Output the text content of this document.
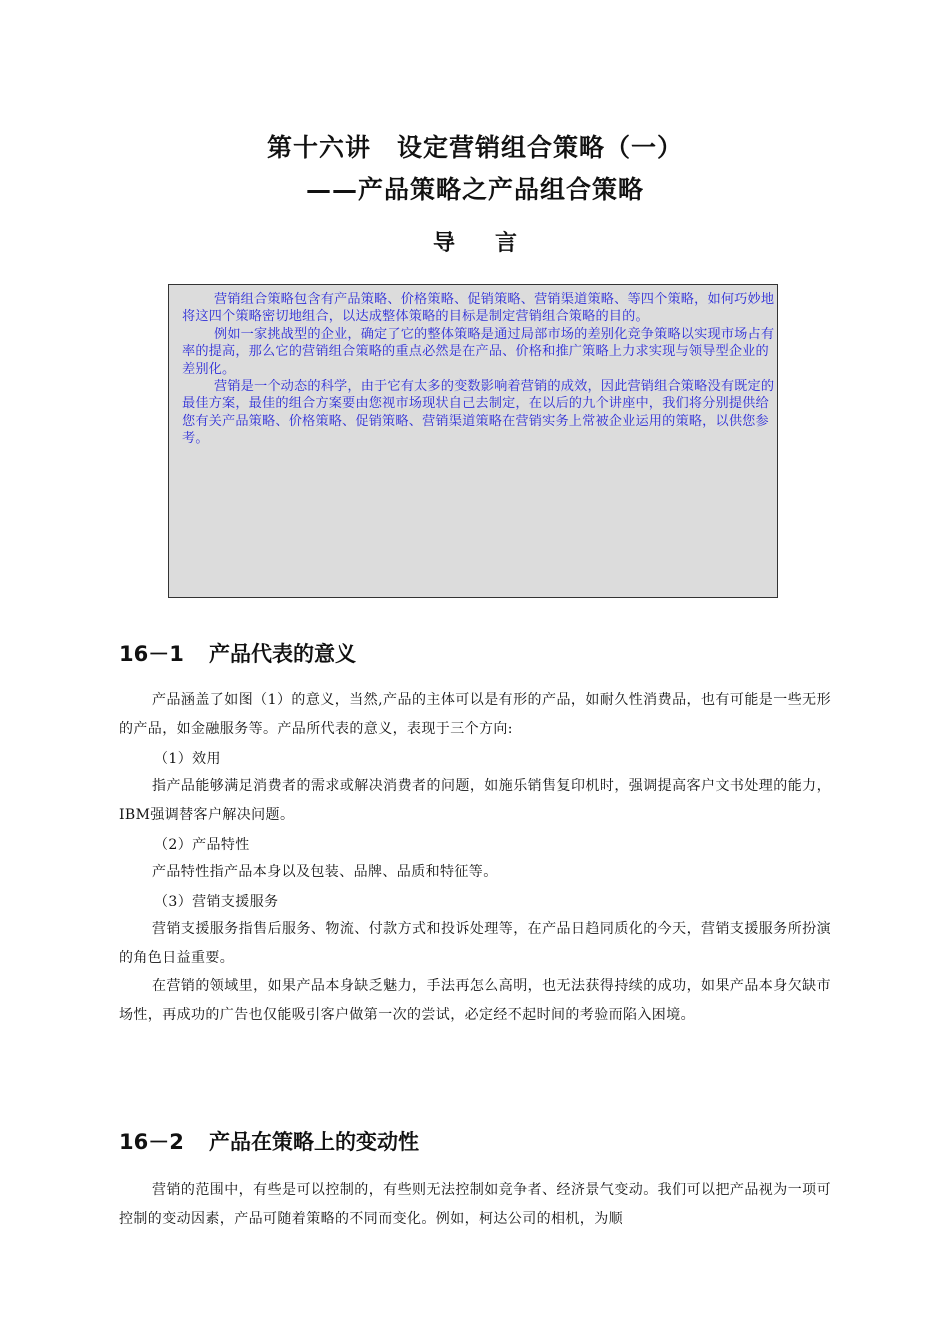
第十六讲　设定营销组合策略（一）
——产品策略之产品组合策略
导言

营销组合策略包含有产品策略、价格策略、促销策略、营销渠道策略、等四个策略，如何巧妙地将这四个策略密切地组合，以达成整体策略的目标是制定营销组合策略的目的。

例如一家挑战型的企业，确定了它的整体策略是通过局部市场的差别化竞争策略以实现市场占有率的提高，那么它的营销组合策略的重点必然是在产品、价格和推广策略上力求实现与领导型企业的差别化。

营销是一个动态的科学，由于它有太多的变数影响着营销的成效，因此营销组合策略没有既定的最佳方案，最佳的组合方案要由您视市场现状自己去制定，在以后的九个讲座中，我们将分别提供给您有关产品策略、价格策略、促销策略、营销渠道策略在营销实务上常被企业运用的策略，以供您参考。

16－1 产品代表的意义

产品涵盖了如图（1）的意义，当然,产品的主体可以是有形的产品，如耐久性消费品，也有可能是一些无形的产品，如金融服务等。产品所代表的意义，表现于三个方向:

（1）效用

指产品能够满足消费者的需求或解决消费者的问题，如施乐销售复印机时，强调提高客户文书处理的能力，IBM强调替客户解决问题。

（2）产品特性

产品特性指产品本身以及包装、品牌、品质和特征等。

（3）营销支援服务

营销支援服务指售后服务、物流、付款方式和投诉处理等，在产品日趋同质化的今天，营销支援服务所扮演的角色日益重要。

在营销的领域里，如果产品本身缺乏魅力，手法再怎么高明，也无法获得持续的成功，如果产品本身欠缺市场性，再成功的广告也仅能吸引客户做第一次的尝试，必定经不起时间的考验而陷入困境。

16－2 产品在策略上的变动性

营销的范围中，有些是可以控制的，有些则无法控制如竞争者、经济景气变动。我们可以把产品视为一项可控制的变动因素，产品可随着策略的不同而变化。例如，柯达公司的相机，为顺
